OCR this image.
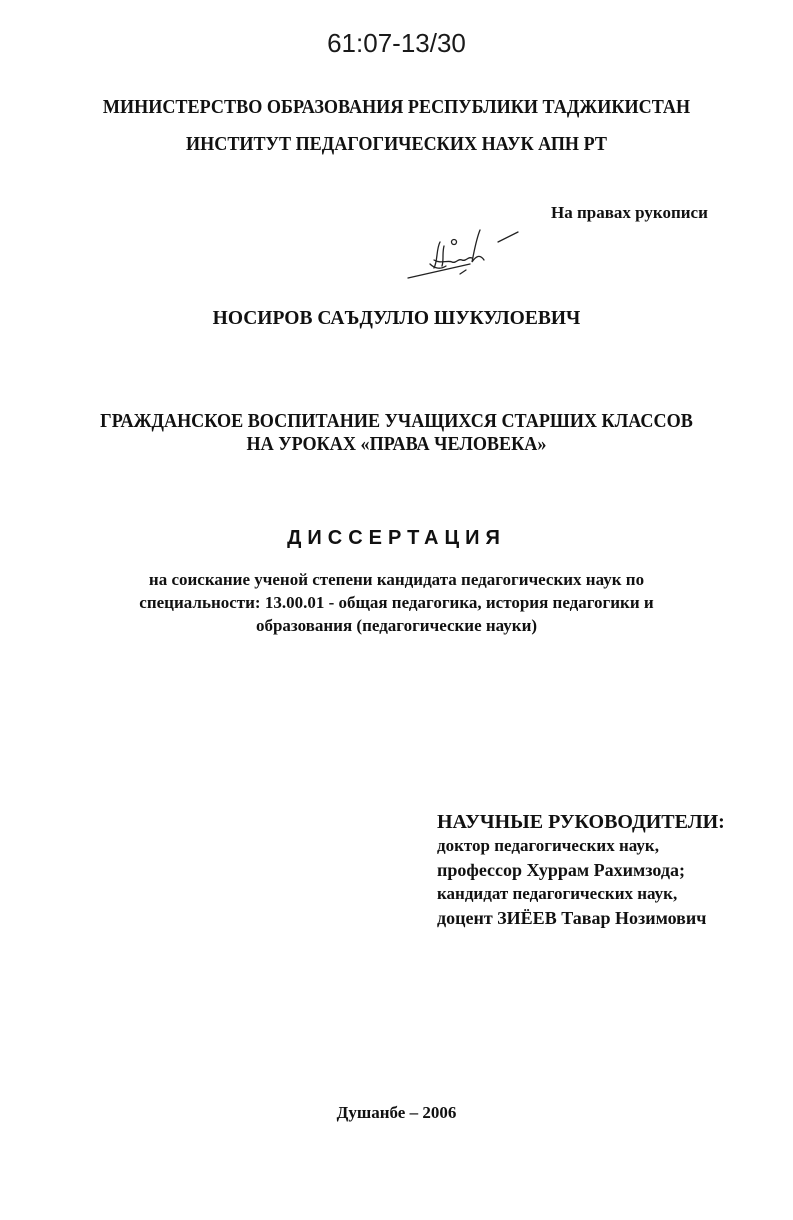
61:07-13/30
МИНИСТЕРСТВО ОБРАЗОВАНИЯ РЕСПУБЛИКИ ТАДЖИКИСТАН
ИНСТИТУТ ПЕДАГОГИЧЕСКИХ НАУК АПН РТ
На правах рукописи
НОСИРОВ САЪДУЛЛО ШУКУЛОЕВИЧ
ГРАЖДАНСКОЕ ВОСПИТАНИЕ УЧАЩИХСЯ СТАРШИХ КЛАССОВ
НА УРОКАХ «ПРАВА ЧЕЛОВЕКА»
ДИССЕРТАЦИЯ
на соискание ученой степени кандидата педагогических наук по
специальности: 13.00.01 - общая педагогика, история педагогики и
образования (педагогические науки)
НАУЧНЫЕ РУКОВОДИТЕЛИ:
доктор педагогических наук,
профессор Хуррам Рахимзода;
кандидат педагогических наук,
доцент ЗИЁЕВ Тавар Нозимович
Душанбе – 2006
